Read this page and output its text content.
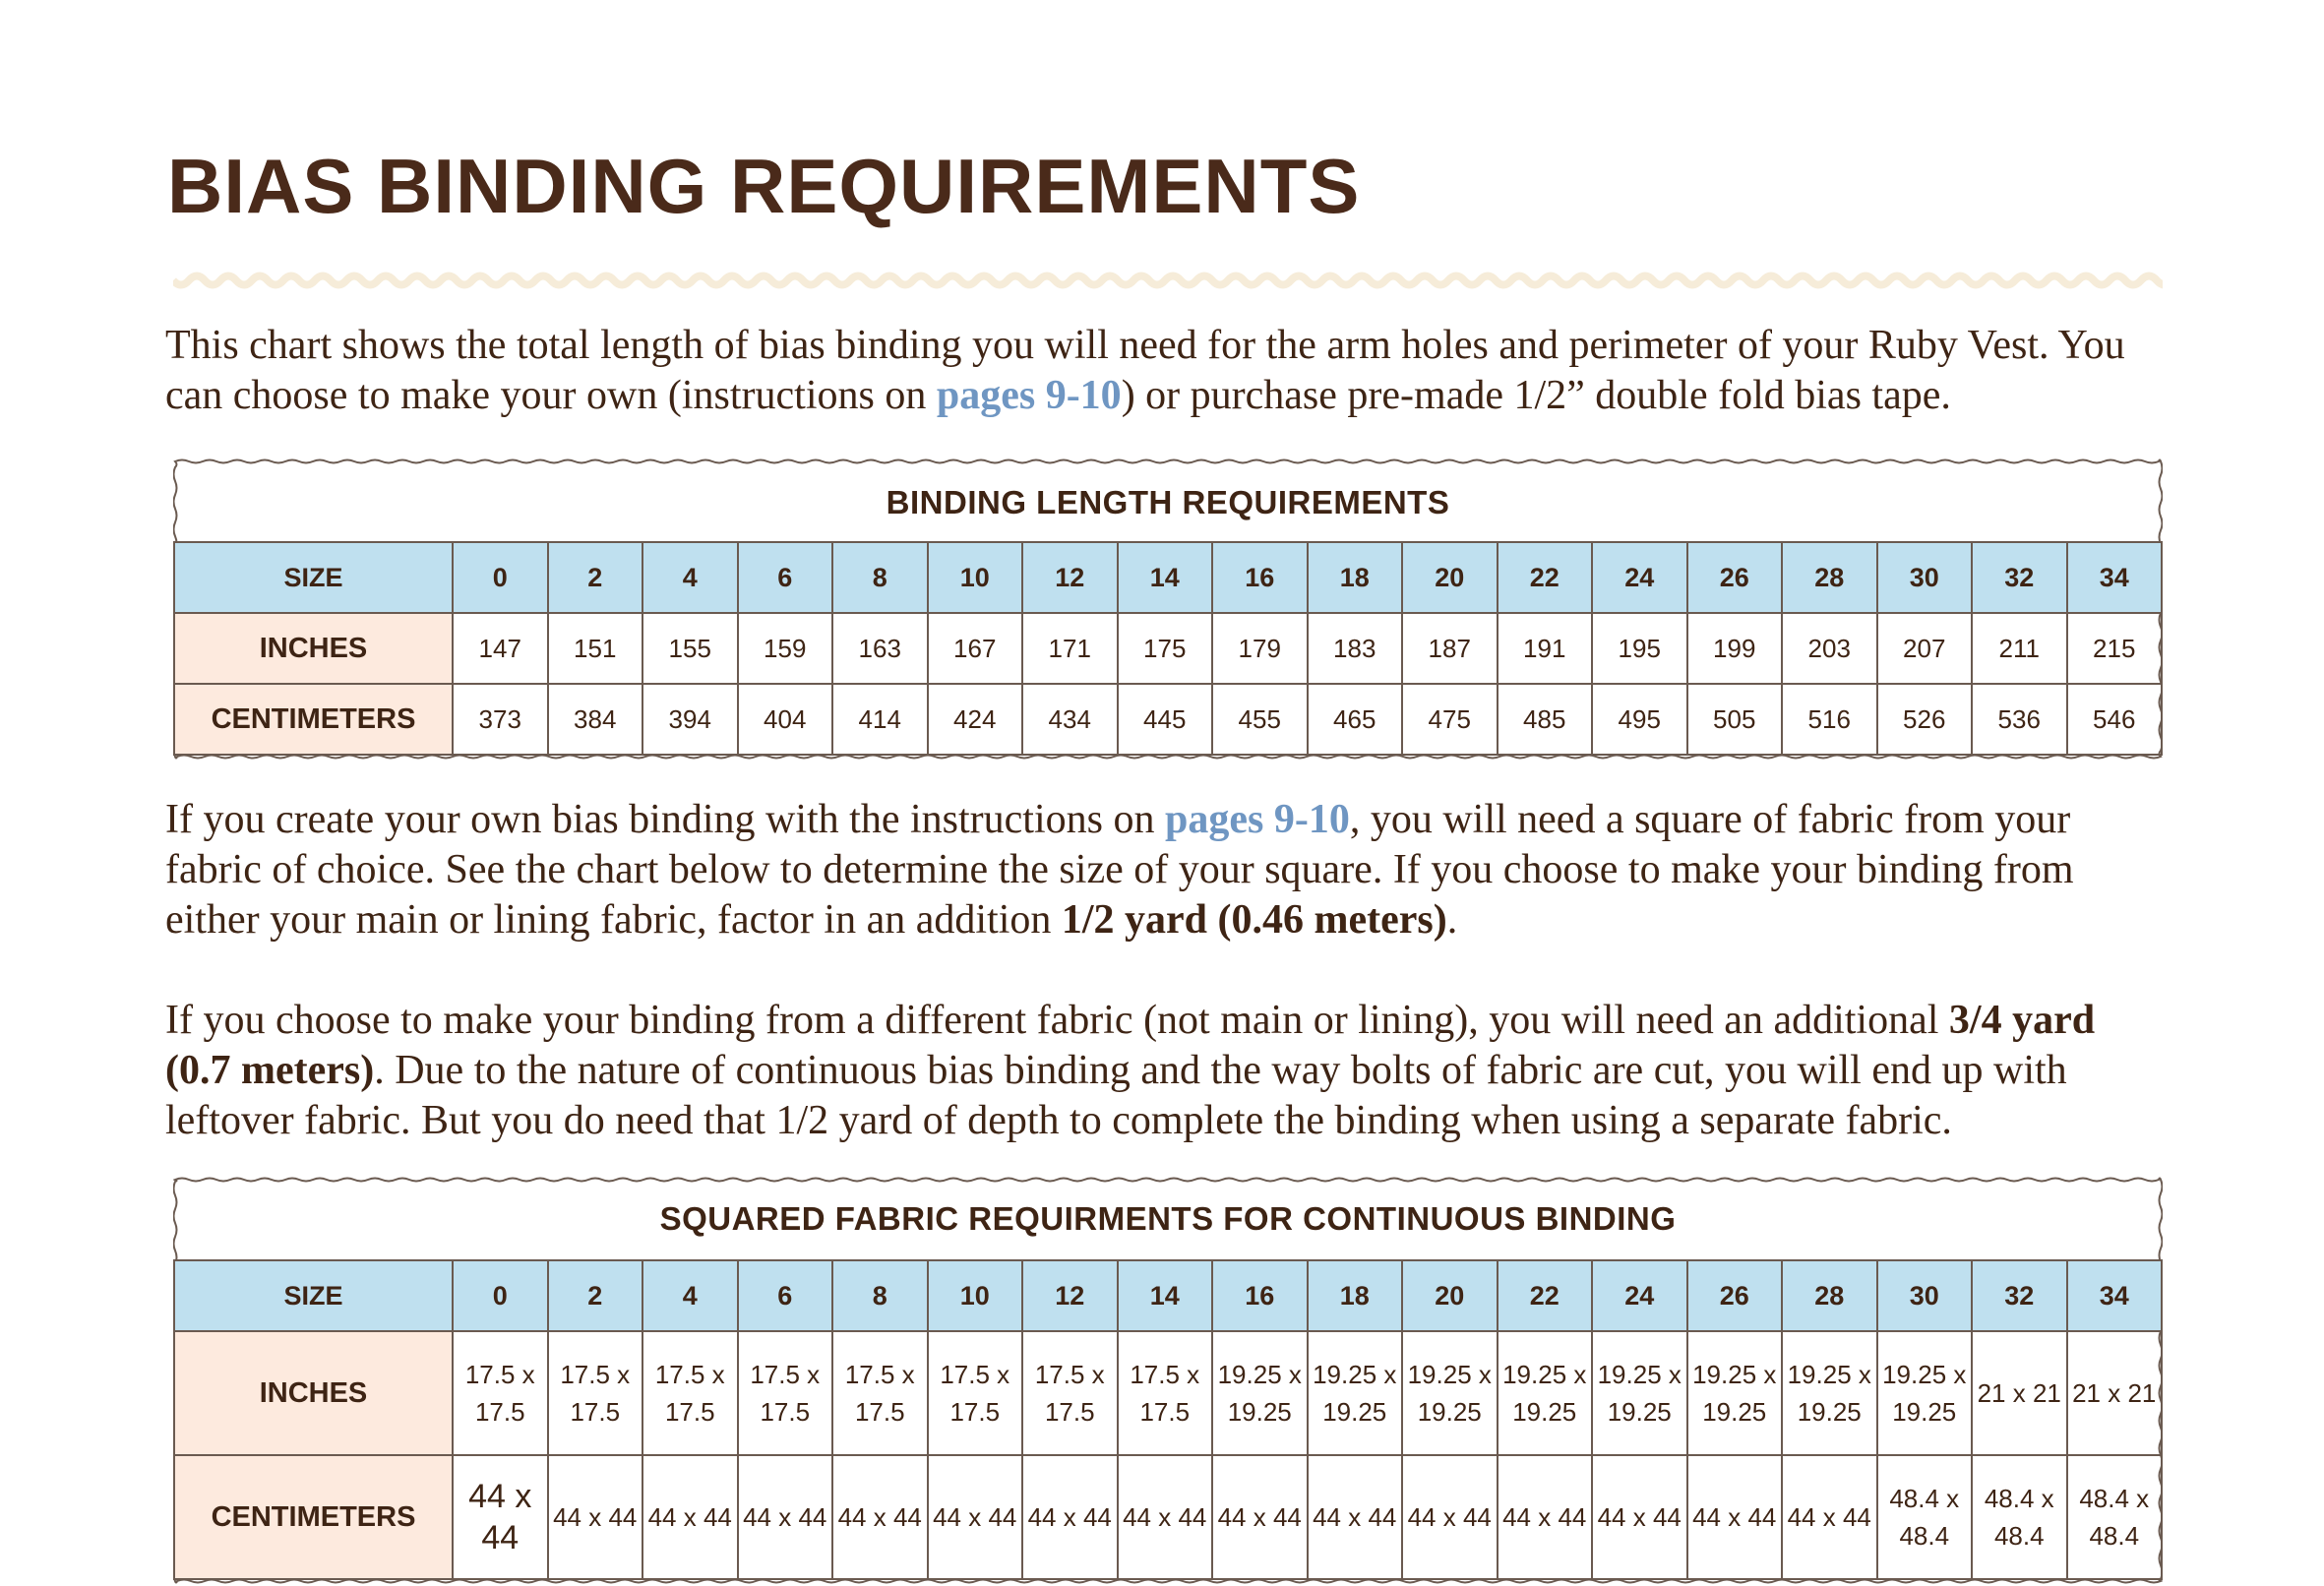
BIAS BINDING REQUIREMENTS
This chart shows the total length of bias binding you will need for the arm holes and perimeter of your Ruby Vest. You can choose to make your own (instructions on pages 9-10) or purchase pre-made 1/2” double fold bias tape.
BINDING LENGTH REQUIREMENTS
SIZE	0	2	4	6	8	10	12	14	16	18	20	22	24	26	28	30	32	34
INCHES	147	151	155	159	163	167	171	175	179	183	187	191	195	199	203	207	211	215
CENTIMETERS	373	384	394	404	414	424	434	445	455	465	475	485	495	505	516	526	536	546
If you create your own bias binding with the instructions on pages 9-10, you will need a square of fabric from your fabric of choice. See the chart below to determine the size of your square. If you choose to make your binding from either your main or lining fabric, factor in an addition 1/2 yard (0.46 meters).
If you choose to make your binding from a different fabric (not main or lining), you will need an additional 3/4 yard (0.7 meters). Due to the nature of continuous bias binding and the way bolts of fabric are cut, you will end up with leftover fabric. But you do need that 1/2 yard of depth to complete the binding when using a separate fabric.
SQUARED FABRIC REQUIRMENTS FOR CONTINUOUS BINDING
SIZE	0	2	4	6	8	10	12	14	16	18	20	22	24	26	28	30	32	34
INCHES	17.5 x 17.5	17.5 x 17.5	17.5 x 17.5	17.5 x 17.5	17.5 x 17.5	17.5 x 17.5	17.5 x 17.5	17.5 x 17.5	19.25 x 19.25	19.25 x 19.25	19.25 x 19.25	19.25 x 19.25	19.25 x 19.25	19.25 x 19.25	19.25 x 19.25	19.25 x 19.25	21 x 21	21 x 21
CENTIMETERS	44 x 44	44 x 44	44 x 44	44 x 44	44 x 44	44 x 44	44 x 44	44 x 44	44 x 44	44 x 44	44 x 44	44 x 44	44 x 44	44 x 44	44 x 44	48.4 x 48.4	48.4 x 48.4	48.4 x 48.4
